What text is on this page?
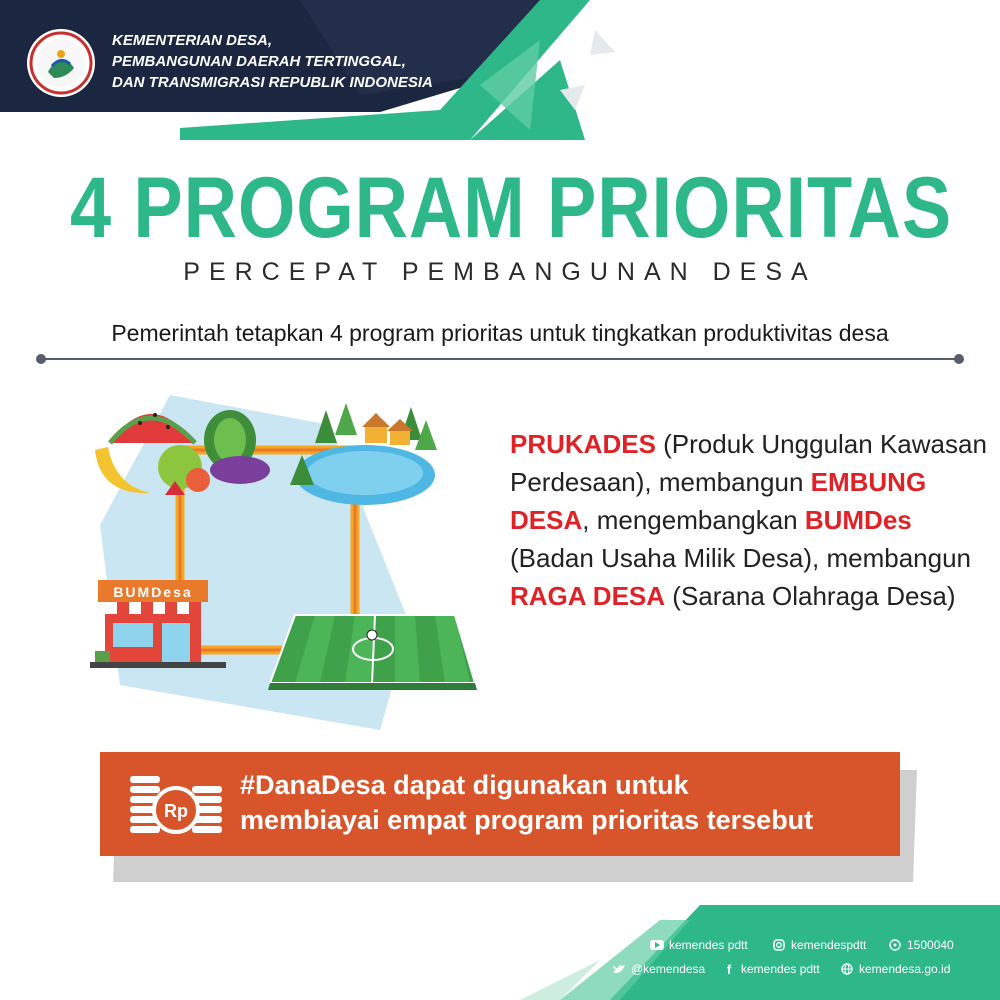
KEMENTERIAN DESA,
PEMBANGUNAN DAERAH TERTINGGAL,
DAN TRANSMIGRASI REPUBLIK INDONESIA
4 PROGRAM PRIORITAS
PERCEPAT PEMBANGUNAN DESA
Pemerintah tetapkan 4 program prioritas untuk tingkatkan produktivitas desa
BUMDesa
PRUKADES (Produk Unggulan Kawasan Perdesaan), membangun EMBUNG DESA, mengembangkan BUMDes (Badan Usaha Milik Desa), membangun RAGA DESA (Sarana Olahraga Desa)
Rp
#DanaDesa dapat digunakan untuk
membiayai empat program prioritas tersebut
kemendes pdtt	kemendespdtt	1500040
@kemendesa	f kemendes pdtt	kemendesa.go.id
